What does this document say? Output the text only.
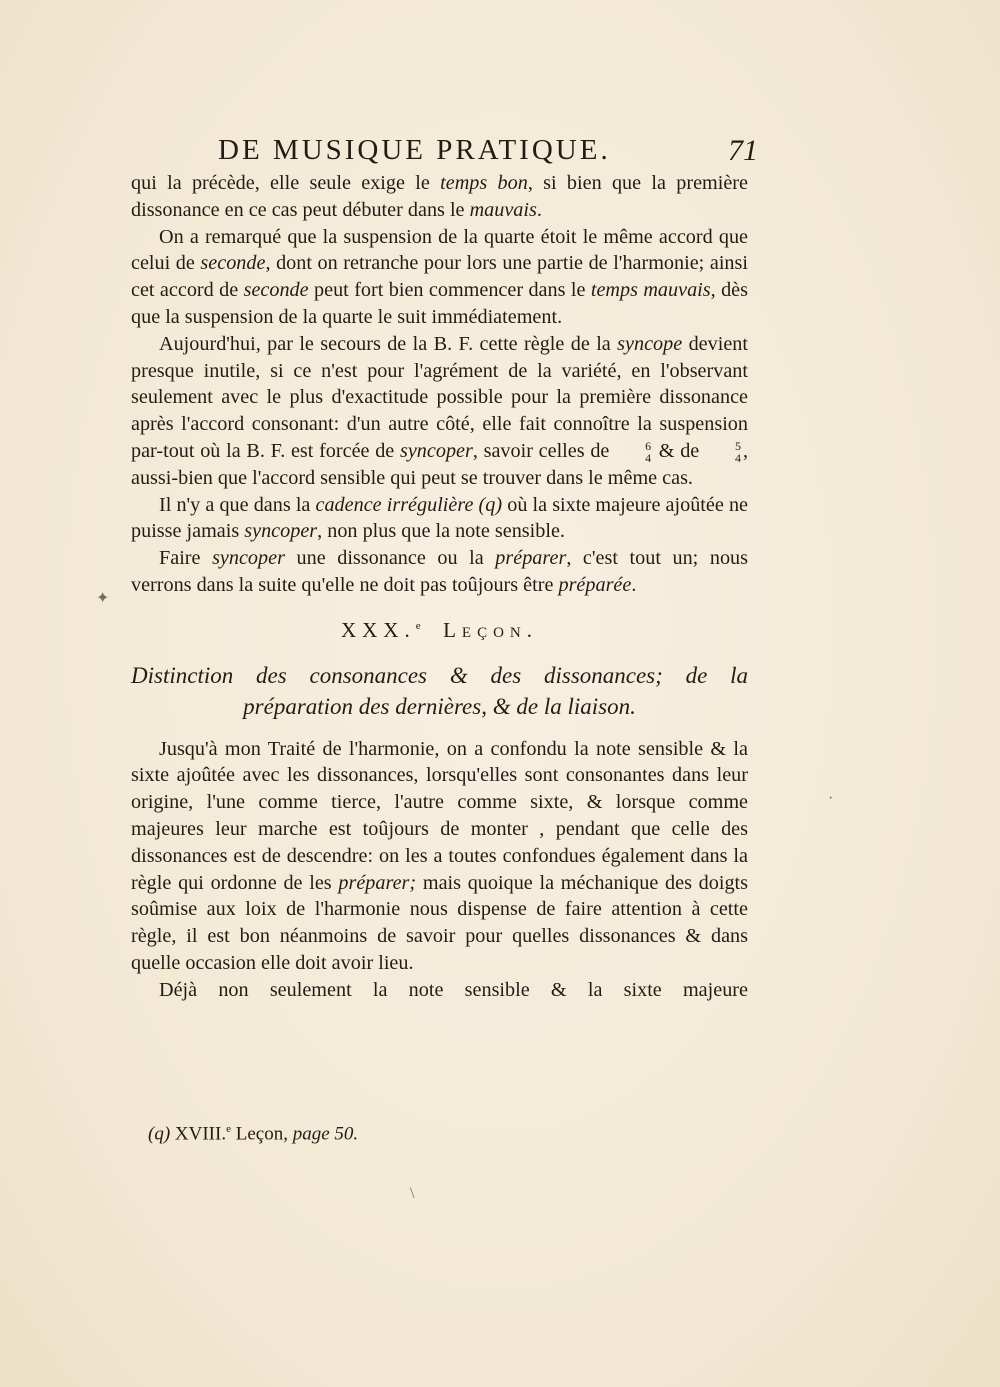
DE MUSIQUE PRATIQUE.	71

qui la précède, elle seule exige le temps bon, si bien que la première dissonance en ce cas peut débuter dans le mauvais.

On a remarqué que la suspension de la quarte étoit le même accord que celui de seconde, dont on retranche pour lors une partie de l'harmonie; ainsi cet accord de seconde peut fort bien commencer dans le temps mauvais, dès que la suspension de la quarte le suit immédiatement.

Aujourd'hui, par le secours de la B. F. cette règle de la syncope devient presque inutile, si ce n'est pour l'agrément de la variété, en l'observant seulement avec le plus d'exactitude possible pour la première dissonance après l'accord consonant: d'un autre côté, elle fait connoître la suspension par-tout où la B. F. est forcée de syncoper, savoir celles de	6
4 & de	5
4 , aussi-bien que l'accord sensible qui peut se trouver dans le même cas.

Il n'y a que dans la cadence irrégulière (q) où la sixte majeure ajoûtée ne puisse jamais syncoper, non plus que la note sensible.

Faire syncoper une dissonance ou la préparer, c'est tout un; nous verrons dans la suite qu'elle ne doit pas toûjours être préparée.

XXX.$^e$ Leçon.

Distinction des consonances & des dissonances; de la
préparation des dernières, & de la liaison.

Jusqu'à mon Traité de l'harmonie, on a confondu la note sensible & la sixte ajoûtée avec les dissonances, lorsqu'elles sont consonantes dans leur origine, l'une comme tierce, l'autre comme sixte, & lorsque comme majeures leur marche est toûjours de monter , pendant que celle des dissonances est de descendre: on les a toutes confondues également dans la règle qui ordonne de les préparer; mais quoique la méchanique des doigts soûmise aux loix de l'harmonie nous dispense de faire attention à cette règle, il est bon néanmoins de savoir pour quelles dissonances & dans quelle occasion elle doit avoir lieu.

Déjà non seulement la note sensible & la sixte majeure

(q) XVIII.$^e$ Leçon, page 50.
✦
·
\
